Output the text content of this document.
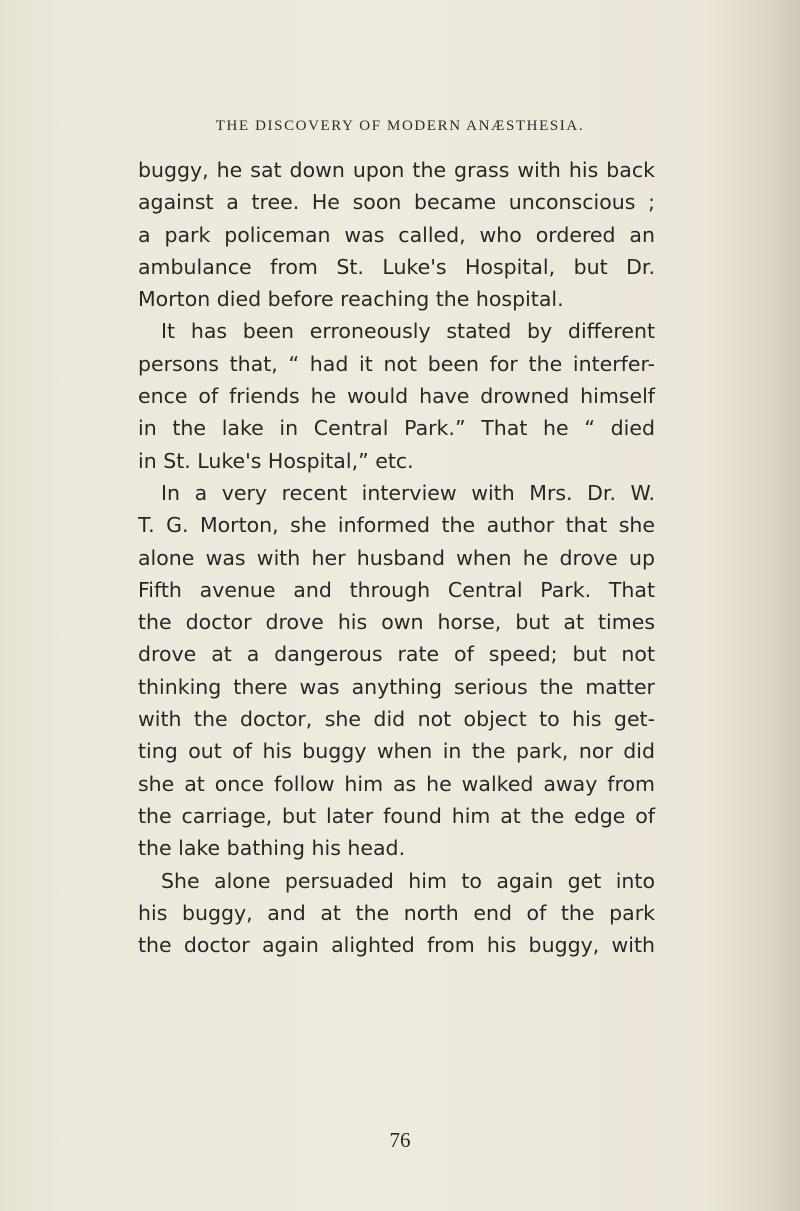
THE DISCOVERY OF MODERN ANÆSTHESIA.
buggy, he sat down upon the grass with his back
against a tree. He soon became unconscious ;
a park policeman was called, who ordered an
ambulance from St. Luke's Hospital, but Dr.
Morton died before reaching the hospital.
It has been erroneously stated by different
persons that, “ had it not been for the interfer-
ence of friends he would have drowned himself
in the lake in Central Park.” That he “ died
in St. Luke's Hospital,” etc.
In a very recent interview with Mrs. Dr. W.
T. G. Morton, she informed the author that she
alone was with her husband when he drove up
Fifth avenue and through Central Park. That
the doctor drove his own horse, but at times
drove at a dangerous rate of speed; but not
thinking there was anything serious the matter
with the doctor, she did not object to his get-
ting out of his buggy when in the park, nor did
she at once follow him as he walked away from
the carriage, but later found him at the edge of
the lake bathing his head.
She alone persuaded him to again get into
his buggy, and at the north end of the park
the doctor again alighted from his buggy, with
76
